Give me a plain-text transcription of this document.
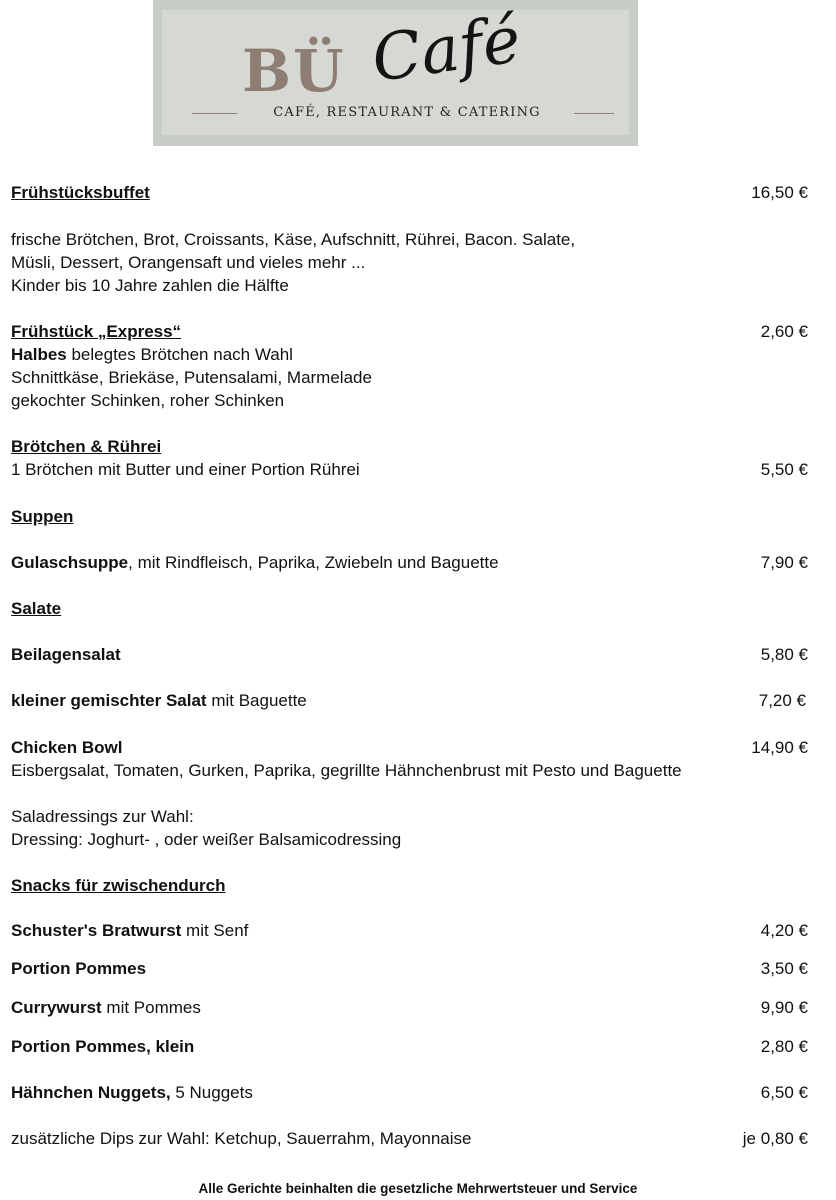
BÜ Café
CAFÉ, RESTAURANT & CATERING
Frühstücksbuffet	16,50 €
frische Brötchen, Brot, Croissants, Käse, Aufschnitt, Rührei, Bacon. Salate,
Müsli, Dessert, Orangensaft und vieles mehr ...
Kinder bis 10 Jahre zahlen die Hälfte
Frühstück „Express“	2,60 €
Halbes belegtes Brötchen nach Wahl
Schnittkäse, Briekäse, Putensalami, Marmelade
gekochter Schinken, roher Schinken
Brötchen & Rührei
1 Brötchen mit Butter und einer Portion Rührei	5,50 €
Suppen
Gulaschsuppe, mit Rindfleisch, Paprika, Zwiebeln und Baguette	7,90 €
Salate
Beilagensalat	5,80 €
kleiner gemischter Salat mit Baguette	7,20 €
Chicken Bowl	14,90 €
Eisbergsalat, Tomaten, Gurken, Paprika, gegrillte Hähnchenbrust mit Pesto und Baguette
Saladressings zur Wahl:
Dressing: Joghurt- , oder weißer Balsamicodressing
Snacks für zwischendurch
Schuster's Bratwurst mit Senf	4,20 €
Portion Pommes	3,50 €
Currywurst mit Pommes	9,90 €
Portion Pommes, klein	2,80 €
Hähnchen Nuggets, 5 Nuggets	6,50 €
zusätzliche Dips zur Wahl: Ketchup, Sauerrahm, Mayonnaise	je 0,80 €
Alle Gerichte beinhalten die gesetzliche Mehrwertsteuer und Service
